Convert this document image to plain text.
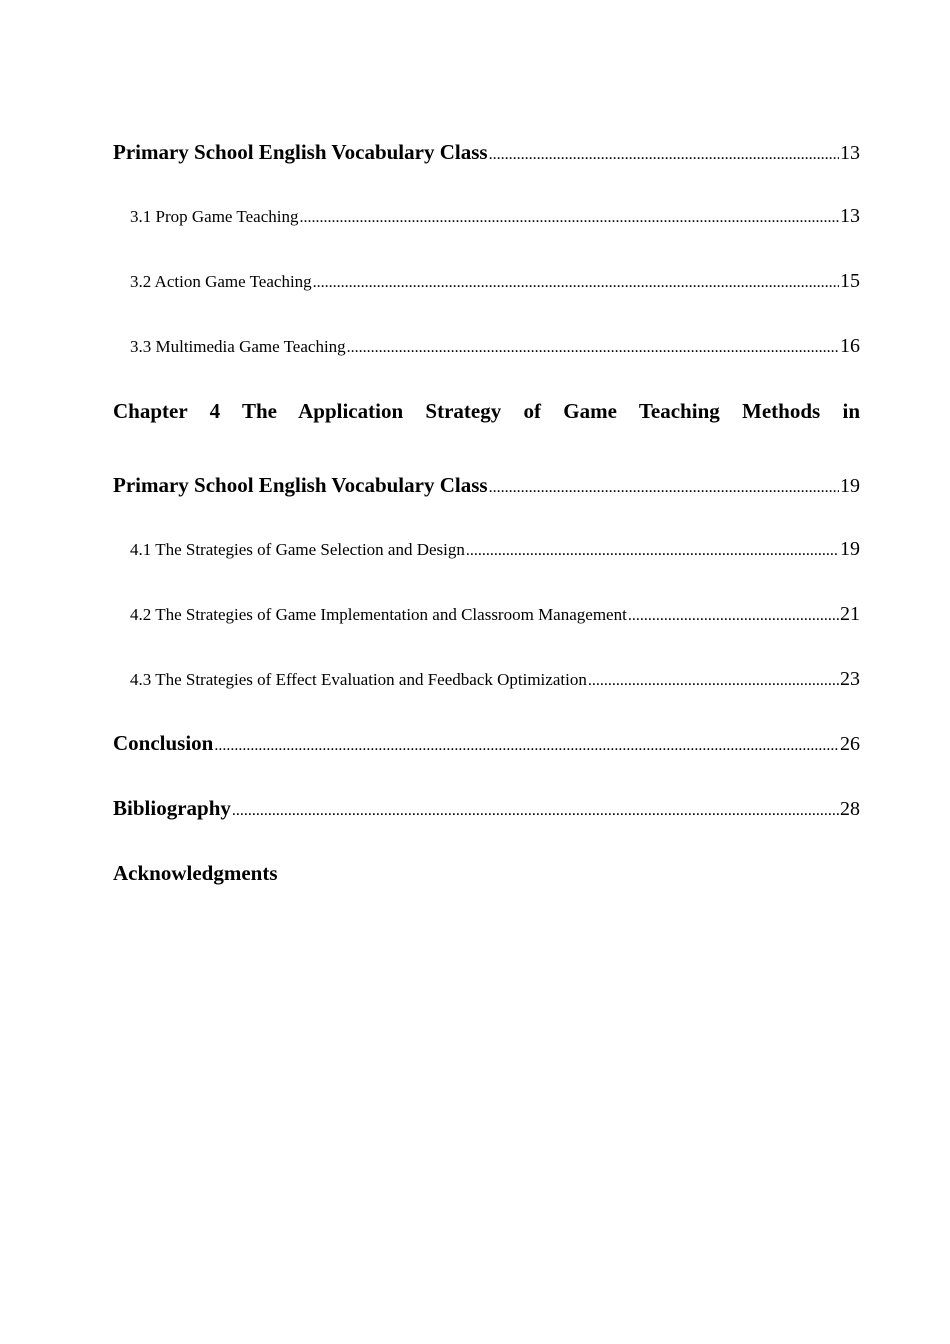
Primary School English Vocabulary Class .....	13
3.1 Prop Game Teaching .....	13
3.2 Action Game Teaching .....	15
3.3 Multimedia Game Teaching .....	16
Chapter 4 The Application Strategy of Game Teaching Methods in
Primary School English Vocabulary Class .....	19
4.1 The Strategies of Game Selection and Design .....	19
4.2 The Strategies of Game Implementation and Classroom Management .....	21
4.3 The Strategies of Effect Evaluation and Feedback Optimization .....	23
Conclusion .....	26
Bibliography .....	28
Acknowledgments
